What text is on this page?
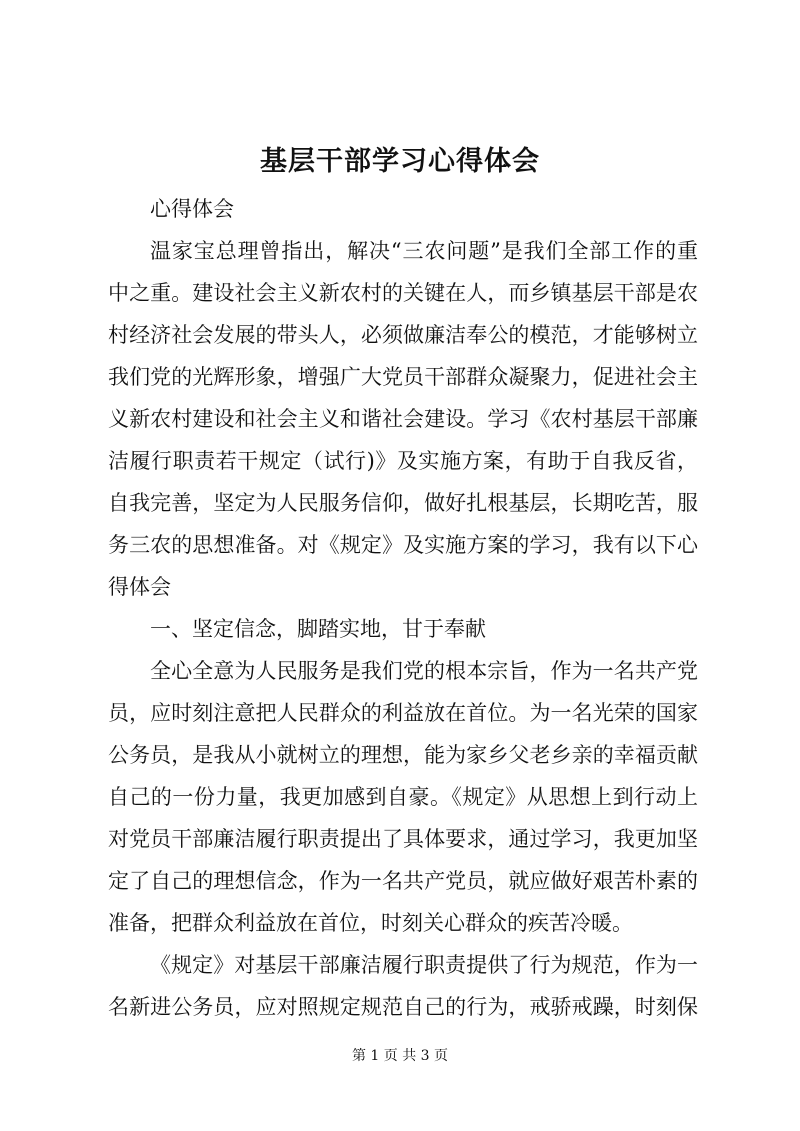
基层干部学习心得体会
心得体会
温家宝总理曾指出，解决“三农问题”是我们全部工作的重
中之重。建设社会主义新农村的关键在人，而乡镇基层干部是农
村经济社会发展的带头人，必须做廉洁奉公的模范，才能够树立
我们党的光辉形象，增强广大党员干部群众凝聚力，促进社会主
义新农村建设和社会主义和谐社会建设。学习《农村基层干部廉
洁履行职责若干规定（试行)》及实施方案，有助于自我反省，
自我完善，坚定为人民服务信仰，做好扎根基层，长期吃苦，服
务三农的思想准备。对《规定》及实施方案的学习，我有以下心
得体会
一、坚定信念，脚踏实地，甘于奉献
全心全意为人民服务是我们党的根本宗旨，作为一名共产党
员，应时刻注意把人民群众的利益放在首位。为一名光荣的国家
公务员，是我从小就树立的理想，能为家乡父老乡亲的幸福贡献
自己的一份力量，我更加感到自豪。《规定》从思想上到行动上
对党员干部廉洁履行职责提出了具体要求，通过学习，我更加坚
定了自己的理想信念，作为一名共产党员，就应做好艰苦朴素的
准备，把群众利益放在首位，时刻关心群众的疾苦冷暖。
《规定》对基层干部廉洁履行职责提供了行为规范，作为一
名新进公务员，应对照规定规范自己的行为，戒骄戒躁，时刻保
第 1 页 共 3 页
